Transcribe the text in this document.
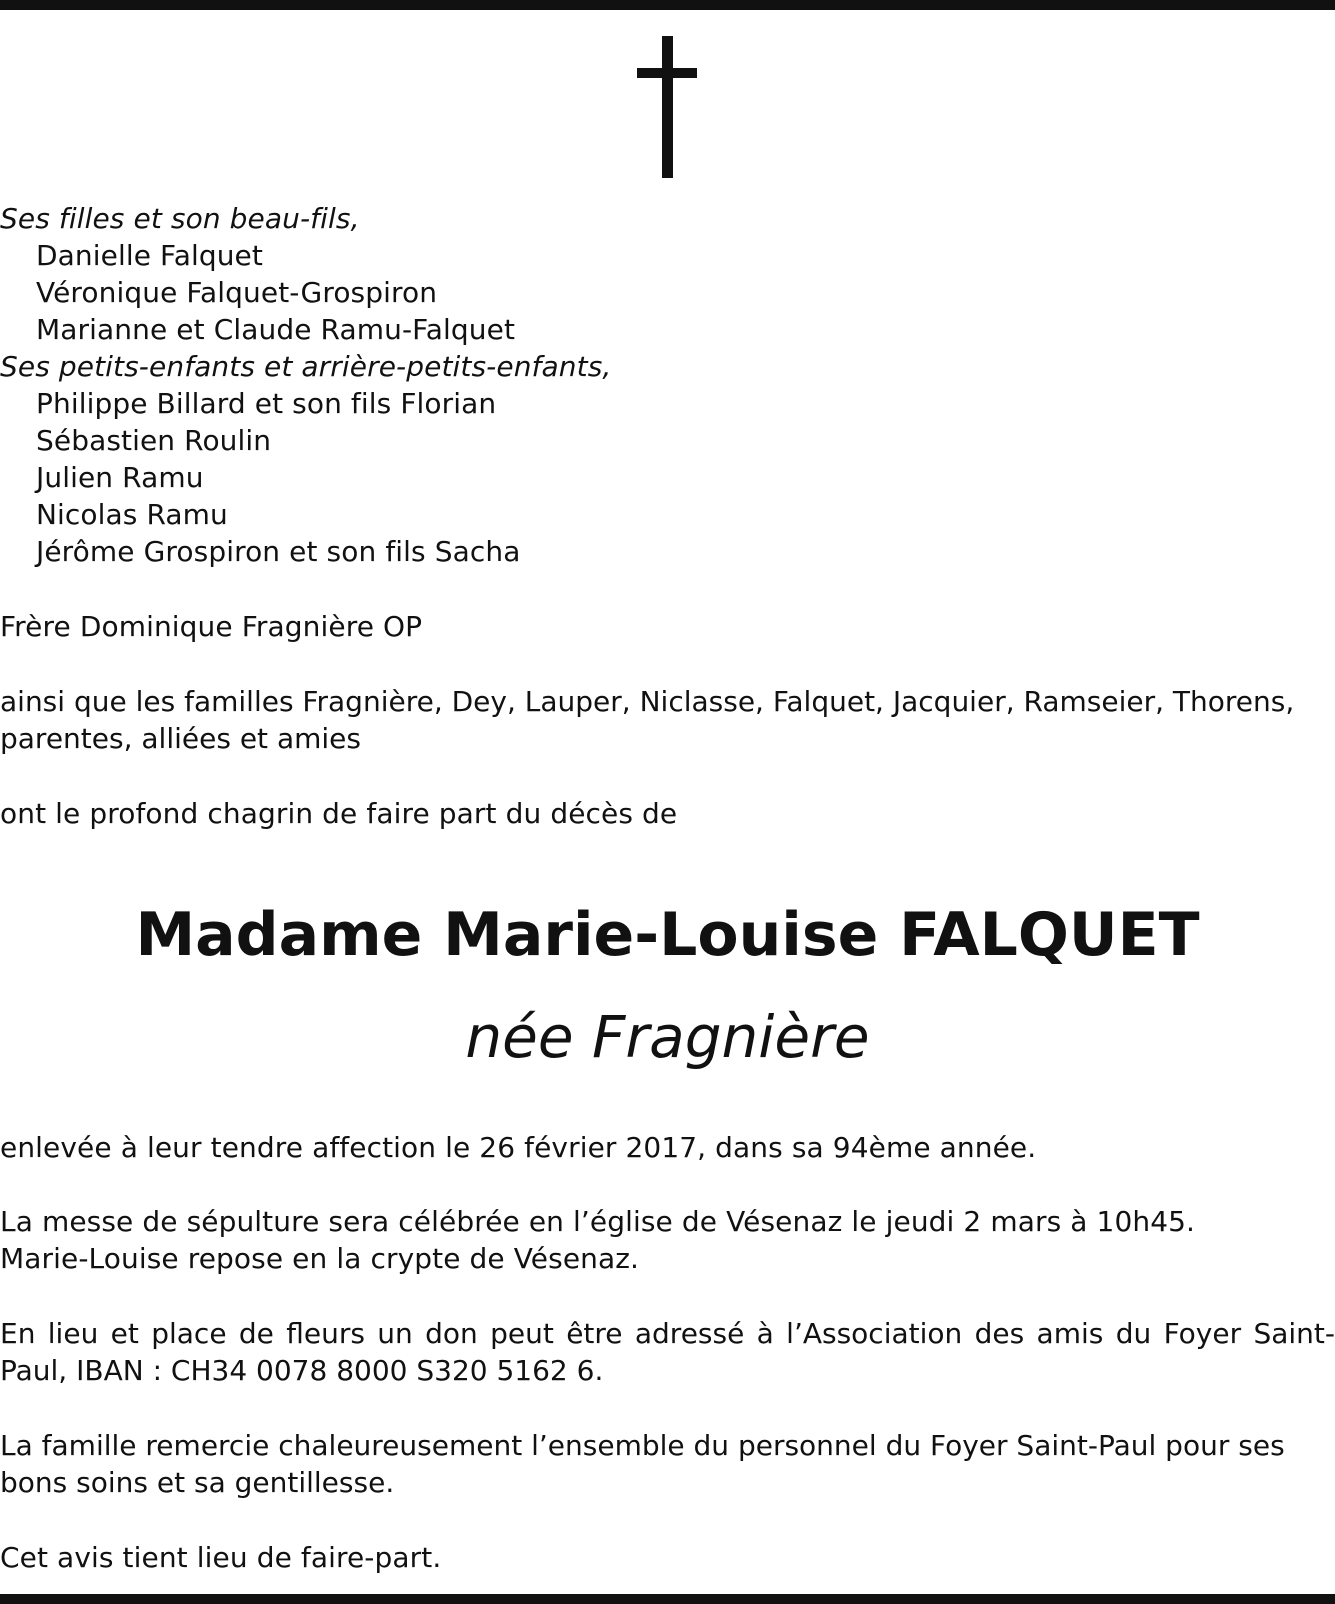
Ses filles et son beau-fils,
Danielle Falquet
Véronique Falquet-Grospiron
Marianne et Claude Ramu-Falquet
Ses petits-enfants et arrière-petits-enfants,
Philippe Billard et son fils Florian
Sébastien Roulin
Julien Ramu
Nicolas Ramu
Jérôme Grospiron et son fils Sacha
Frère Dominique Fragnière OP
ainsi que les familles Fragnière, Dey, Lauper, Niclasse, Falquet, Jacquier, Ramseier, Thorens, parentes, alliées et amies
ont le profond chagrin de faire part du décès de
Madame Marie-Louise FALQUET
née Fragnière
enlevée à leur tendre affection le 26 février 2017, dans sa 94ème année.
La messe de sépulture sera célébrée en l’église de Vésenaz le jeudi 2 mars à 10h45.
Marie-Louise repose en la crypte de Vésenaz.
En lieu et place de fleurs un don peut être adressé à l’Association des amis du Foyer Saint-Paul, IBAN : CH34 0078 8000 S320 5162 6.
La famille remercie chaleureusement l’ensemble du personnel du Foyer Saint-Paul pour ses bons soins et sa gentillesse.
Cet avis tient lieu de faire-part.
